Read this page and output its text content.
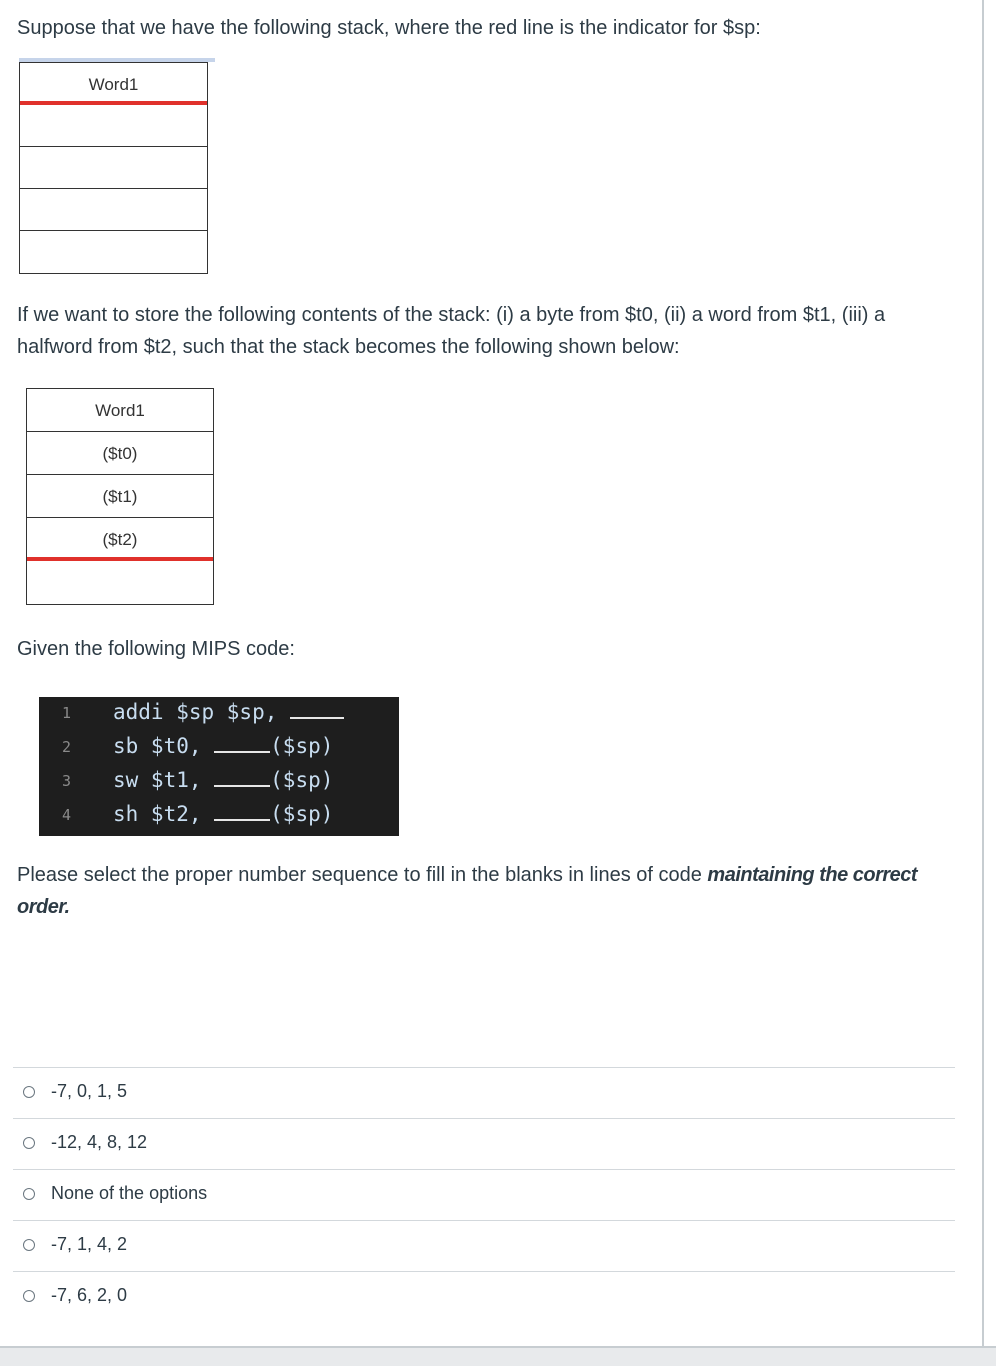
Suppose that we have the following stack, where the red line is the indicator for $sp:

Word1

If we want to store the following contents of the stack: (i) a byte from $t0, (ii) a word from $t1, (iii) a halfword from $t2, such that the stack becomes the following shown below:

Word1
($t0)
($t1)
($t2)

Given the following MIPS code:

1 addi $sp $sp,
2 sb $t0,	($sp)
3 sw $t1,	($sp)
4 sh $t2,	($sp)

Please select the proper number sequence to fill in the blanks in lines of code maintaining the correct order.

-7, 0, 1, 5
-12, 4, 8, 12
None of the options
-7, 1, 4, 2
-7, 6, 2, 0
